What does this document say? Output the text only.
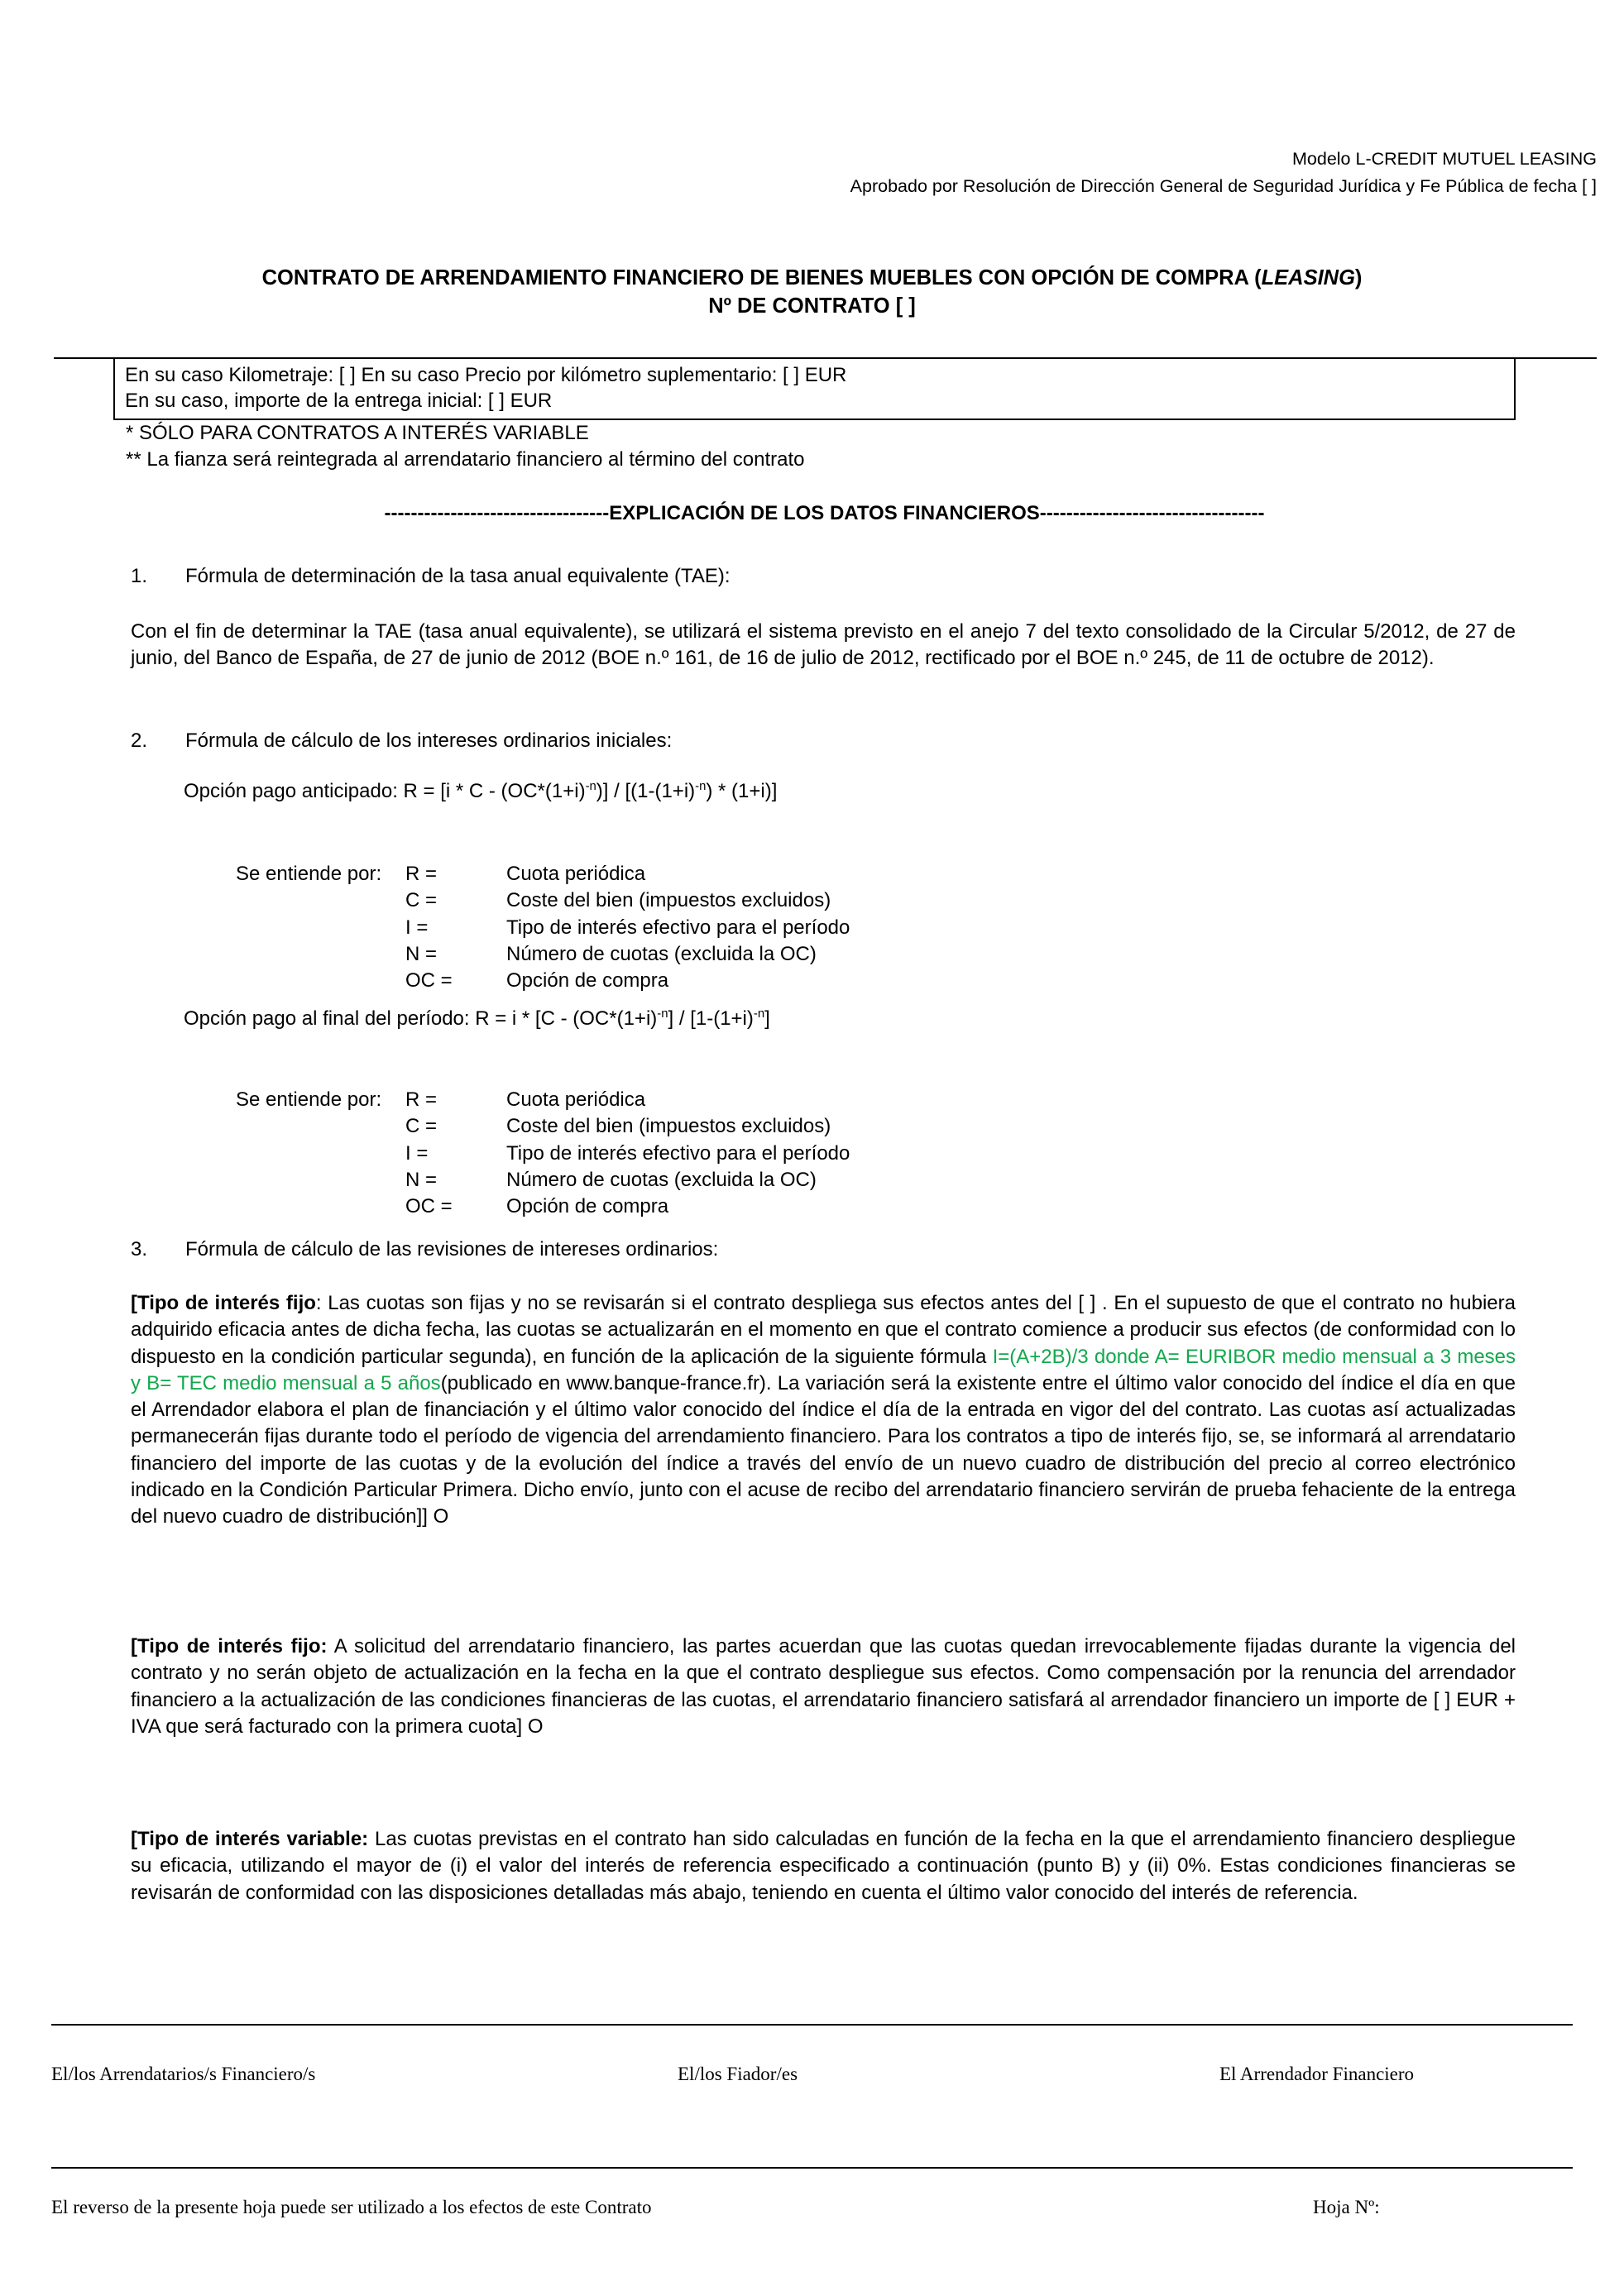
Modelo L-CREDIT MUTUEL LEASING
Aprobado por Resolución de Dirección General de Seguridad Jurídica y Fe Pública de fecha [ ]
CONTRATO DE ARRENDAMIENTO FINANCIERO DE BIENES MUEBLES CON OPCIÓN DE COMPRA (LEASING)
Nº DE CONTRATO [ ]
En su caso Kilometraje: [ ] En su caso Precio por kilómetro suplementario: [ ] EUR
En su caso, importe de la entrega inicial: [ ] EUR
* SÓLO PARA CONTRATOS A INTERÉS VARIABLE
** La fianza será reintegrada al arrendatario financiero al término del contrato
----------------------------------EXPLICACIÓN DE LOS DATOS FINANCIEROS----------------------------------
1. Fórmula de determinación de la tasa anual equivalente (TAE):
Con el fin de determinar la TAE (tasa anual equivalente), se utilizará el sistema previsto en el anejo 7 del texto consolidado de la Circular 5/2012, de 27 de junio, del Banco de España, de 27 de junio de 2012 (BOE n.º 161, de 16 de julio de 2012, rectificado por el BOE n.º 245, de 11 de octubre de 2012).
2. Fórmula de cálculo de los intereses ordinarios iniciales:
Opción pago anticipado: $R = [i * C - (OC*(1+i)^{-n})] / [(1-(1+i)^{-n}) * (1+i)]$
Se entiende por: R =	Cuota periódica
C =	Coste del bien (impuestos excluidos)
I =	Tipo de interés efectivo para el período
N =	Número de cuotas (excluida la OC)
OC =	Opción de compra
Opción pago al final del período: $R = i * [C - (OC*(1+i)^{-n}] / [1-(1+i)^{-n}]$
Se entiende por: R =	Cuota periódica
C =	Coste del bien (impuestos excluidos)
I =	Tipo de interés efectivo para el período
N =	Número de cuotas (excluida la OC)
OC =	Opción de compra
3. Fórmula de cálculo de las revisiones de intereses ordinarios:
[Tipo de interés fijo: Las cuotas son fijas y no se revisarán si el contrato despliega sus efectos antes del [ ] . En el supuesto de que el contrato no hubiera adquirido eficacia antes de dicha fecha, las cuotas se actualizarán en el momento en que el contrato comience a producir sus efectos (de conformidad con lo dispuesto en la condición particular segunda), en función de la aplicación de la siguiente fórmula I=(A+2B)/3 donde A= EURIBOR medio mensual a 3 meses y B= TEC medio mensual a 5 años(publicado en www.banque-france.fr). La variación será la existente entre el último valor conocido del índice el día en que el Arrendador elabora el plan de financiación y el último valor conocido del índice el día de la entrada en vigor del del contrato. Las cuotas así actualizadas permanecerán fijas durante todo el período de vigencia del arrendamiento financiero. Para los contratos a tipo de interés fijo, se, se informará al arrendatario financiero del importe de las cuotas y de la evolución del índice a través del envío de un nuevo cuadro de distribución del precio al correo electrónico indicado en la Condición Particular Primera. Dicho envío, junto con el acuse de recibo del arrendatario financiero servirán de prueba fehaciente de la entrega del nuevo cuadro de distribución]] O
[Tipo de interés fijo: A solicitud del arrendatario financiero, las partes acuerdan que las cuotas quedan irrevocablemente fijadas durante la vigencia del contrato y no serán objeto de actualización en la fecha en la que el contrato despliegue sus efectos. Como compensación por la renuncia del arrendador financiero a la actualización de las condiciones financieras de las cuotas, el arrendatario financiero satisfará al arrendador financiero un importe de [ ] EUR + IVA que será facturado con la primera cuota] O
[Tipo de interés variable: Las cuotas previstas en el contrato han sido calculadas en función de la fecha en la que el arrendamiento financiero despliegue su eficacia, utilizando el mayor de (i) el valor del interés de referencia especificado a continuación (punto B) y (ii) 0%. Estas condiciones financieras se revisarán de conformidad con las disposiciones detalladas más abajo, teniendo en cuenta el último valor conocido del interés de referencia.
El/los Arrendatarios/s Financiero/s	El/los Fiador/es	El Arrendador Financiero
El reverso de la presente hoja puede ser utilizado a los efectos de este Contrato	Hoja Nº:
